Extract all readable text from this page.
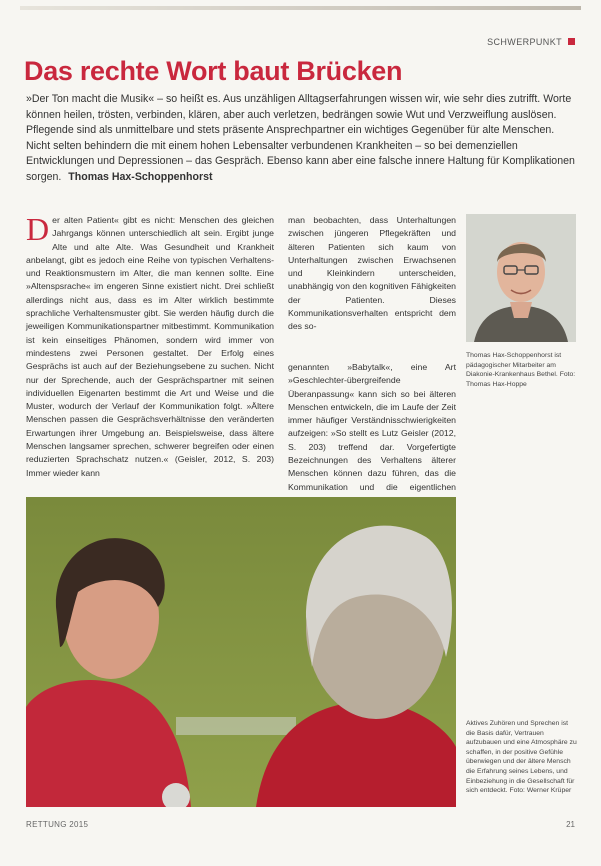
SCHWERPUNKT
Das rechte Wort baut Brücken

»Der Ton macht die Musik« – so heißt es. Aus unzähligen Alltagserfahrungen wissen wir, wie sehr dies zutrifft. Worte können heilen, trösten, verbinden, klären, aber auch verletzen, bedrängen sowie Wut und Verzweiflung auslösen. Pflegende sind als unmittelbare und stets präsente Ansprechpartner ein wichtiges Gegenüber für alte Menschen. Nicht selten behindern die mit einem hohen Lebensalter verbundenen Krankheiten – so bei demenziellen Entwicklungen und Depressionen – das Gespräch. Ebenso kann aber eine falsche innere Haltung für Komplikationen sorgen. Thomas Hax-Schoppenhorst

D er alten Patient« gibt es nicht: Menschen des gleichen Jahrgangs können unterschiedlich alt sein. Ergibt junge Alte und alte Alte. Was Gesundheit und Krankheit anbelangt, gibt es jedoch eine Reihe von typischen Verhaltens- und Reaktionsmustern im Alter, die man kennen sollte. Eine »Altenspsrache« im engeren Sinne existiert nicht. Drei schließt allerdings nicht aus, dass es im Alter wirklich bestimmte sprachliche Verhaltensmuster gibt. Sie werden häufig durch die jeweiligen Kommunikationspartner mitbestimmt. Kommunikation ist kein einseitiges Phänomen, sondern wird immer von mindestens zwei Personen gestaltet. Der Erfolg eines Gesprächs ist auch auf der Beziehungsebene zu suchen. Nicht nur der Sprechende, auch der Gesprächspartner mit seinen individuellen Eigenarten bestimmt die Art und Weise und die Muster, wodurch der Verlauf der Kommunikation folgt. »Ältere Menschen passen die Gesprächsverhältnisse den veränderten Erwartungen ihrer Umgebung an. Beispielsweise, dass ältere Menschen langsamer sprechen, schwerer begreifen oder einen reduzierten Sprachschatz nutzen.« (Geisler, 2012, S. 203) Immer wieder kann

man beobachten, dass Unterhaltungen zwischen jüngeren Pflegekräften und älteren Patienten sich kaum von Unterhaltungen zwischen Erwachsenen und Kleinkindern unterscheiden, unabhängig von den kognitiven Fähigkeiten der Patienten. Dieses Kommunikationsverhalten entspricht dem des so-

genannten »Babytalk«, eine Art »Geschlechter-übergreifende Überanpassung« kann sich so bei älteren Menschen entwickeln, die im Laufe der Zeit immer häufiger Verständnisschwierigkeiten aufzeigen: »So stellt es Lutz Geisler (2012, S. 203) treffend dar. Vorgefertigte Bezeichnungen des Verhaltens älterer Menschen können dazu führen, das die Kommunikation und die eigentlichen

Thomas Hax-Schoppenhorst ist pädagogischer Mitarbeiter am Diakonie-Krankenhaus Bethel. Foto: Thomas Hax-Hoppe

Aktives Zuhören und Sprechen ist die Basis dafür, Vertrauen aufzubauen und eine Atmosphäre zu schaffen, in der positive Gefühle überwiegen und der ältere Mensch die Erfahrung seines Lebens, und Einbeziehung in die Gesellschaft für sich entdeckt. Foto: Werner Krüper

RETTUNG 2015	21
